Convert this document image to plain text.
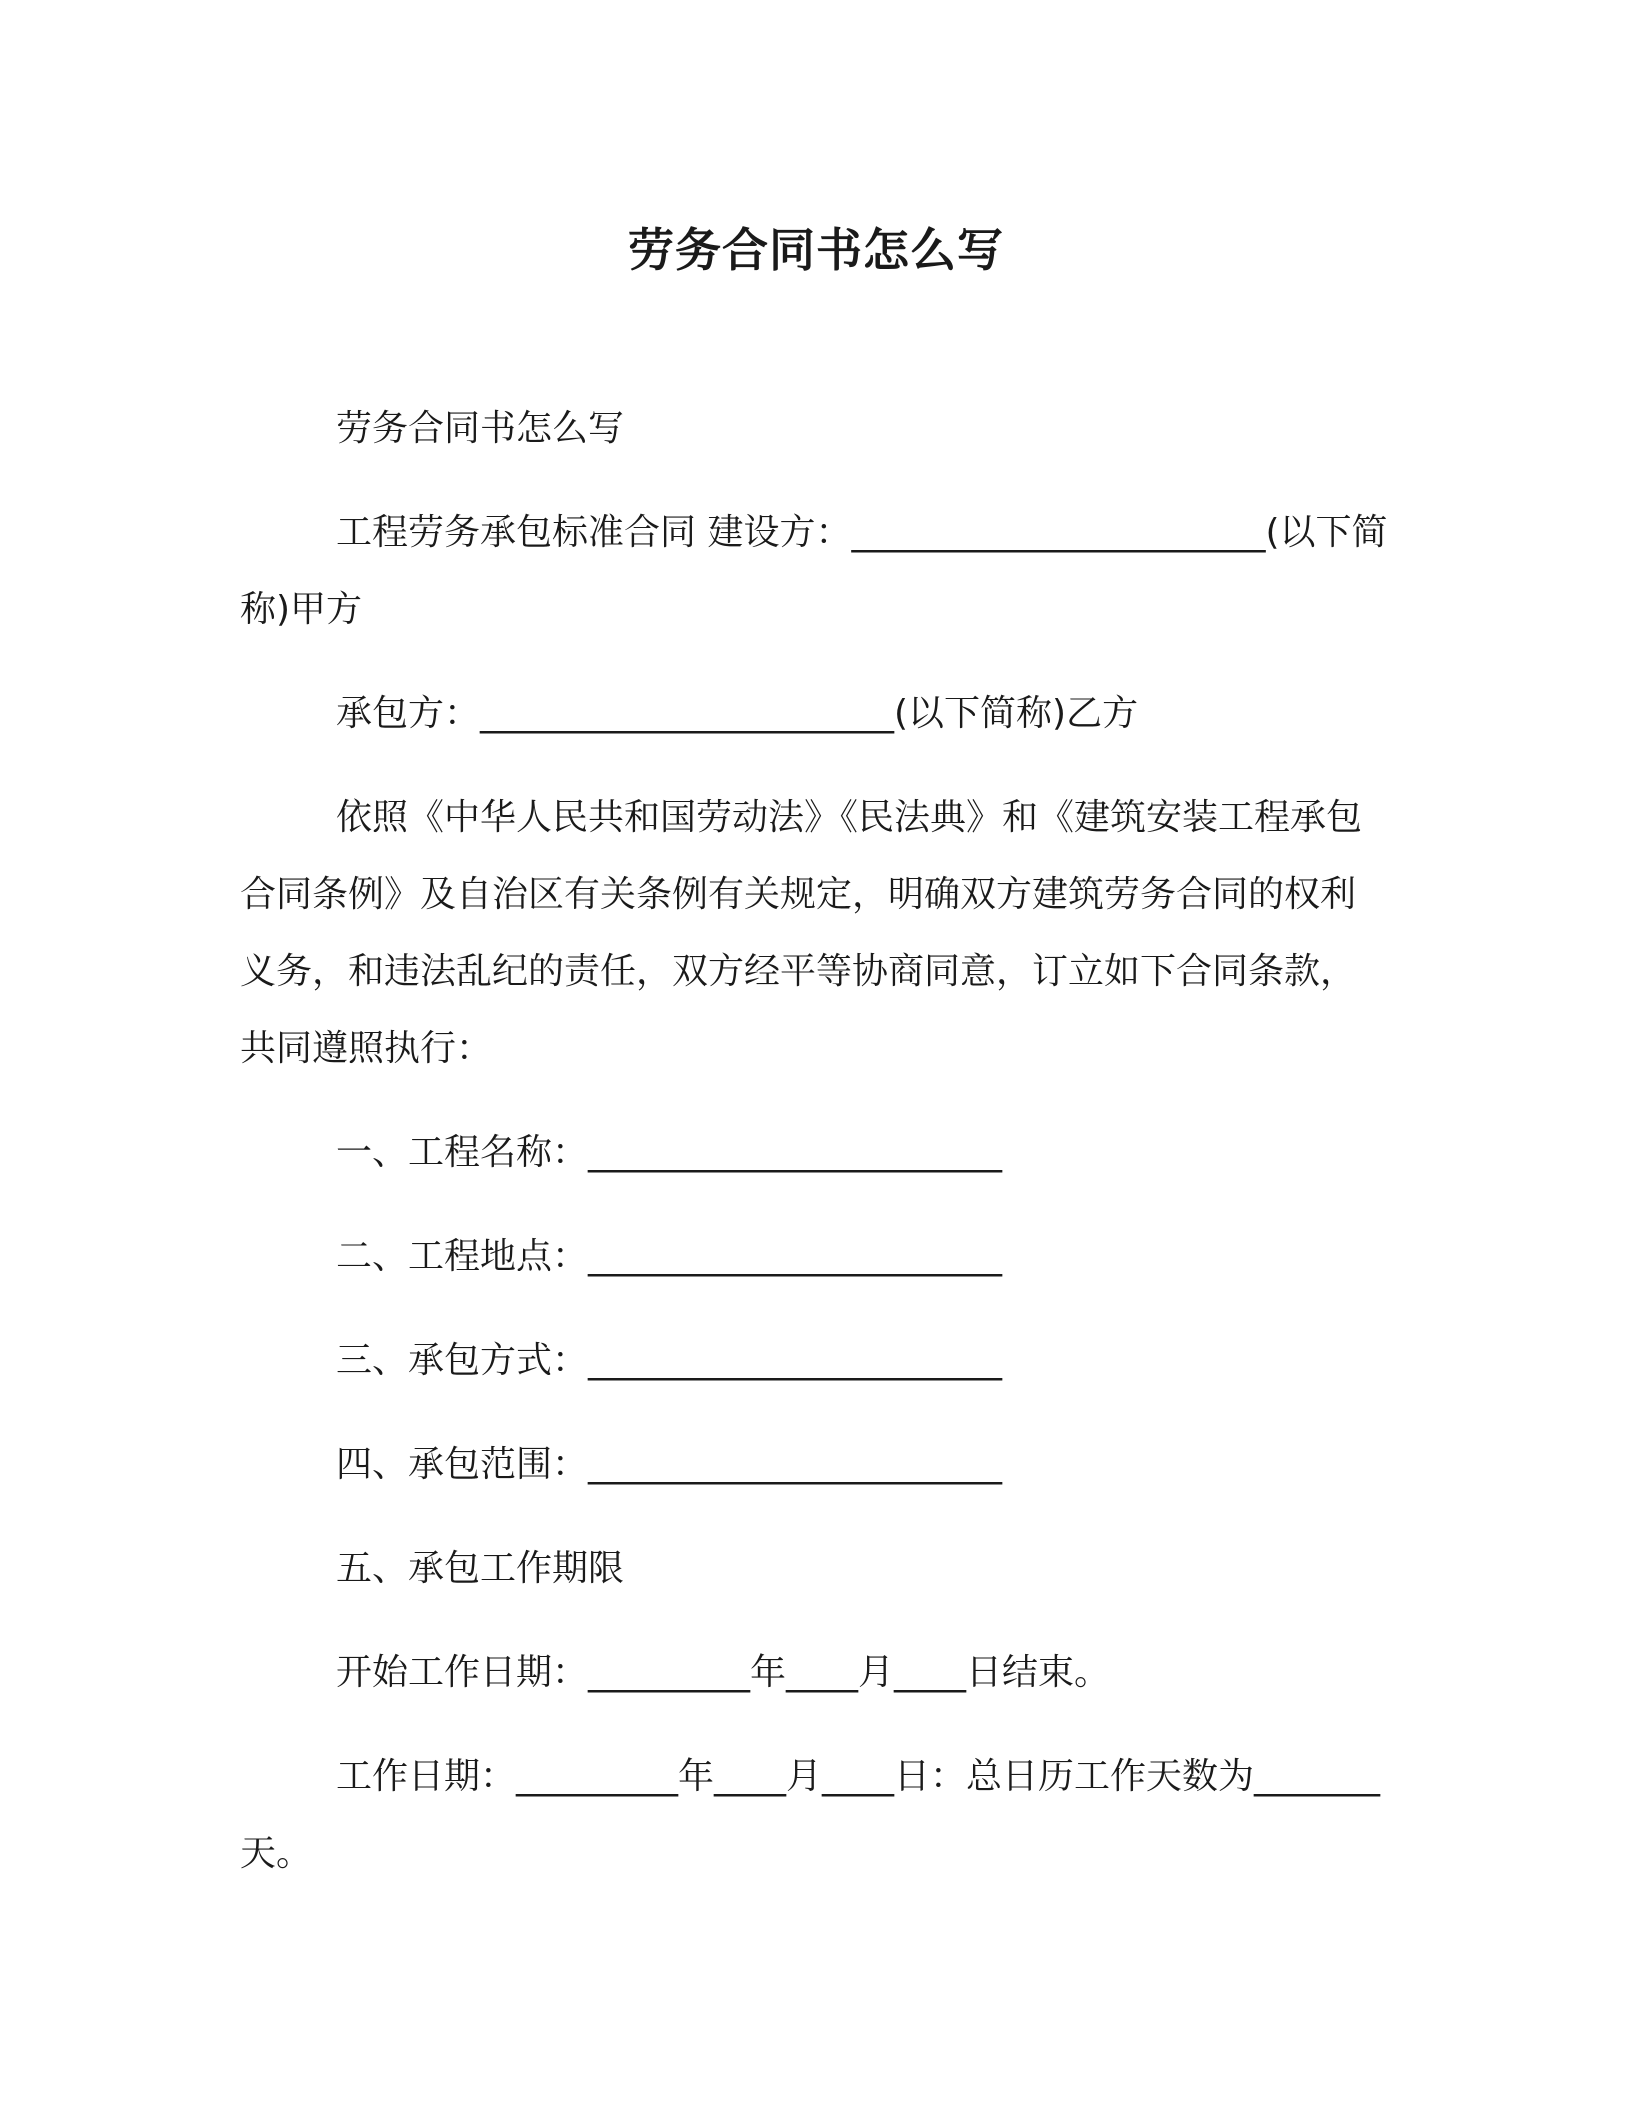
劳务合同书怎么写

劳务合同书怎么写

工程劳务承包标准合同 建设方：_______________________(以下简称)甲方

承包方：_______________________(以下简称)乙方

依照《中华人民共和国劳动法》《民法典》和《建筑安装工程承包合同条例》及自治区有关条例有关规定，明确双方建筑劳务合同的权利义务，和违法乱纪的责任，双方经平等协商同意，订立如下合同条款，共同遵照执行：

一、工程名称：_______________________

二、工程地点：_______________________

三、承包方式：_______________________

四、承包范围：_______________________

五、承包工作期限

开始工作日期：_________年____月____日结束。

工作日期：_________年____月____日：总日历工作天数为_______天。
